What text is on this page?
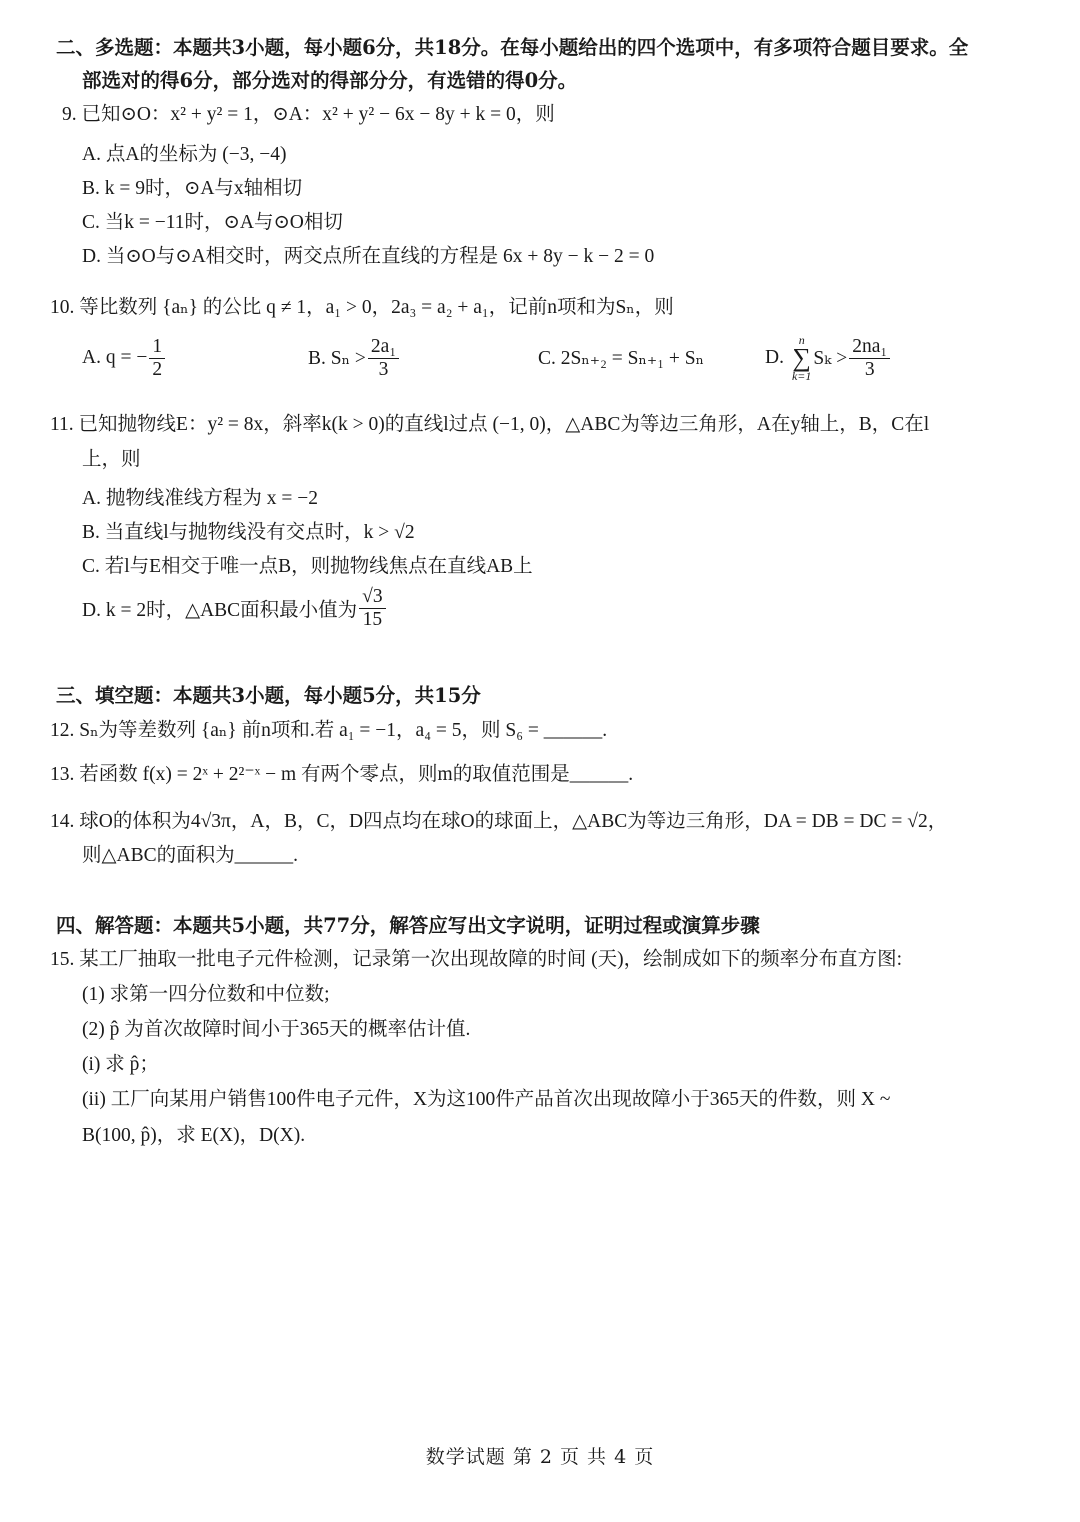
二、多选题：本题共3小题，每小题6分，共18分。在每小题给出的四个选项中，有多项符合题目要求。全
部选对的得6分，部分选对的得部分分，有选错的得0分。
9. 已知⊙O：x² + y² = 1，⊙A：x² + y² − 6x − 8y + k = 0，则
A. 点A的坐标为 (−3, −4)
B. k = 9时，⊙A与x轴相切
C. 当k = −11时，⊙A与⊙O相切
D. 当⊙O与⊙A相交时，两交点所在直线的方程是 6x + 8y − k − 2 = 0
10. 等比数列 {aₙ} 的公比 q ≠ 1，a₁ > 0，2a₃ = a₂ + a₁，记前n项和为Sₙ，则
A. q = − $\frac{1}{2}$	B. $S_n > \frac{\text{2a₁}}{3}$	C. 2Sₙ₊₂ = Sₙ₊₁ + Sₙ	D.
n
∑
k=1
$S_k > \frac{\text{2na₁}}{3}$
11. 已知抛物线E：y² = 8x，斜率k(k > 0)的直线l过点 (−1, 0)，△ABC为等边三角形，A在y轴上，B，C在l
上，则
A. 抛物线准线方程为 x = −2
B. 当直线l与抛物线没有交点时，k > √2
C. 若l与E相交于唯一点B，则抛物线焦点在直线AB上
D. k = 2时，△ABC面积最小值为 $\frac{√3}{15}$
三、填空题：本题共3小题，每小题5分，共15分
12. Sₙ为等差数列 {aₙ} 前n项和.若 a₁ = −1，a₄ = 5，则 S₆ = ______.
13. 若函数 f(x) = 2ˣ + 2²⁻ˣ − m 有两个零点，则m的取值范围是______.
14. 球O的体积为4√3π，A，B，C，D四点均在球O的球面上，△ABC为等边三角形，DA = DB = DC = √2，
则△ABC的面积为______.
四、解答题：本题共5小题，共77分，解答应写出文字说明，证明过程或演算步骤
15. 某工厂抽取一批电子元件检测，记录第一次出现故障的时间 (天)，绘制成如下的频率分布直方图:
(1) 求第一四分位数和中位数;
(2) p̂ 为首次故障时间小于365天的概率估计值.
(i) 求 p̂；
(ii) 工厂向某用户销售100件电子元件，X为这100件产品首次出现故障小于365天的件数，则 X ~
B(100, p̂)，求 E(X)，D(X).
数学试题 第 2 页 共 4 页
